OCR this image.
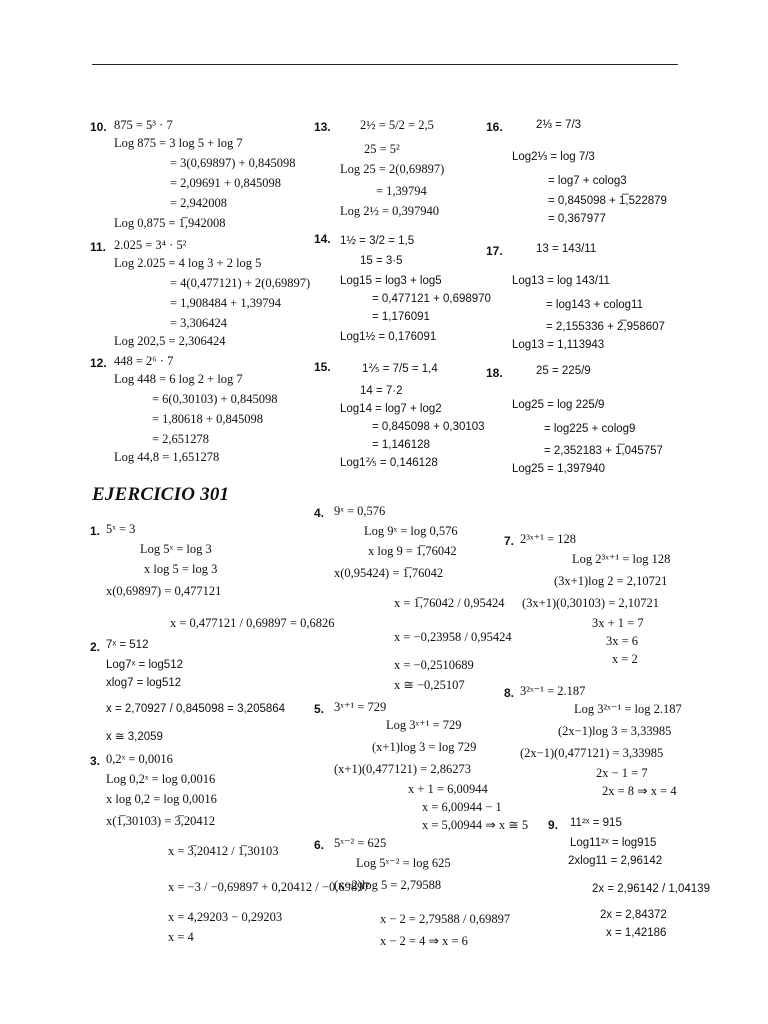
EJERCICIO 301
10. 875 = 5³ · 7
Log 875 = 3 log 5 + log 7
= 3(0,69897) + 0,845098
= 2,09691 + 0,845098
= 2,942008
Log 0,875 = 1̅,942008
11. 2.025 = 3⁴ · 5²
Log 2.025 = 4 log 3 + 2 log 5
= 4(0,477121) + 2(0,69897)
= 1,908484 + 1,39794
= 3,306424
Log 202,5 = 2,306424
12. 448 = 2⁶ · 7
Log 448 = 6 log 2 + log 7
= 6(0,30103) + 0,845098
= 1,80618 + 0,845098
= 2,651278
Log 44,8 = 1,651278
13. 2½ = 5/2 = 2,5
25 = 5²
Log 25 = 2(0,69897)
= 1,39794
Log 2½ = 0,397940
14. 1½ = 3/2 = 1,5
15 = 3·5
Log15 = log3 + log5
= 0,477121 + 0,698970
= 1,176091
Log1½ = 0,176091
15.	1⅖ = 7/5 = 1,4
14 = 7·2
Log14 = log7 + log2
= 0,845098 + 0,30103
= 1,146128
Log1⅖ = 0,146128
16.	2⅓ = 7/3
Log2⅓ = log 7/3
= log7 + colog3
= 0,845098 + 1̅,522879
= 0,367977
17.	13 = 143/11
Log13 = log 143/11
= log143 + colog11
= 2,155336 + 2̅,958607
Log13 = 1,113943
18.	25 = 225/9
Log25 = log 225/9
= log225 + colog9
= 2,352183 + 1̅,045757
Log25 = 1,397940
1. 5ˣ = 3
Log 5ˣ = log 3
x log 5 = log 3
x(0,69897) = 0,477121
x = 0,477121 / 0,69897 = 0,6826
2. 7ˣ = 512
Log7ˣ = log512
xlog7 = log512
x = 2,70927 / 0,845098 = 3,205864
x ≅ 3,2059
3. 0,2ˣ = 0,0016
Log 0,2ˣ = log 0,0016
x log 0,2 = log 0,0016
x(1̅,30103) = 3̅,20412
x = 3̅,20412 / 1̅,30103
x = −3 / −0,69897 + 0,20412 / −0,69897
x = 4,29203 − 0,29203
x = 4
4. 9ˣ = 0,576
Log 9ˣ = log 0,576
x log 9 = 1̅,76042
x(0,95424) = 1̅,76042
x = 1̅,76042 / 0,95424
x = −0,23958 / 0,95424
x = −0,2510689
x ≅ −0,25107
5. 3ˣ⁺¹ = 729
Log 3ˣ⁺¹ = 729
(x+1)log 3 = log 729
(x+1)(0,477121) = 2,86273
x + 1 = 6,00944
x = 6,00944 − 1
x = 5,00944 ⇒ x ≅ 5
6. 5ˣ⁻² = 625
Log 5ˣ⁻² = log 625
(x−2)log 5 = 2,79588
x − 2 = 2,79588 / 0,69897
x − 2 = 4 ⇒ x = 6
7. 2³ˣ⁺¹ = 128
Log 2³ˣ⁺¹ = log 128
(3x+1)log 2 = 2,10721
(3x+1)(0,30103) = 2,10721
3x + 1 = 7
3x = 6
x = 2
8. 3²ˣ⁻¹ = 2.187
Log 3²ˣ⁻¹ = log 2.187
(2x−1)log 3 = 3,33985
(2x−1)(0,477121) = 3,33985
2x − 1 = 7
2x = 8 ⇒ x = 4
9. 11²ˣ = 915
Log11²ˣ = log915
2xlog11 = 2,96142
2x = 2,96142 / 1,04139
2x = 2,84372
x = 1,42186
